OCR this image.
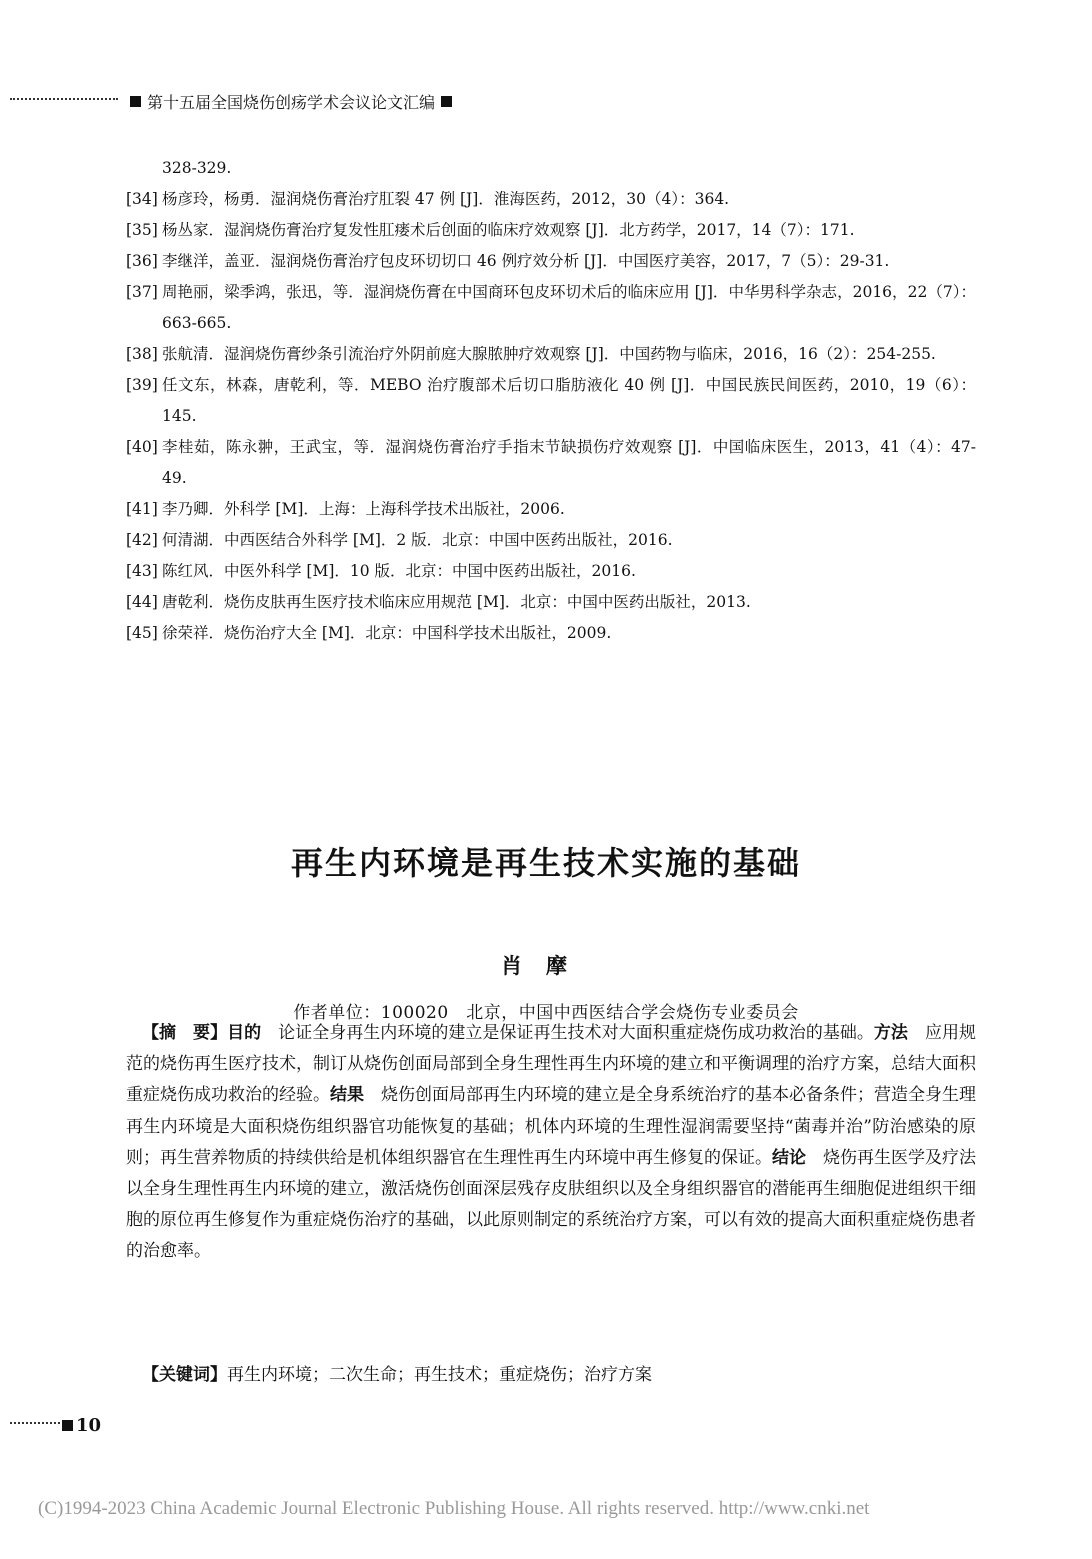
第十五届全国烧伤创疡学术会议论文汇编
328-329.
[34] 杨彦玲，杨勇．湿润烧伤膏治疗肛裂 47 例 [J]．淮海医药，2012，30（4）：364.
[35] 杨丛家．湿润烧伤膏治疗复发性肛瘘术后创面的临床疗效观察 [J]．北方药学，2017，14（7）：171.
[36] 李继洋，盖亚．湿润烧伤膏治疗包皮环切切口 46 例疗效分析 [J]．中国医疗美容，2017，7（5）：29-31.
[37] 周艳丽，梁季鸿，张迅，等．湿润烧伤膏在中国商环包皮环切术后的临床应用 [J]．中华男科学杂志，2016，22（7）：663-665.
[38] 张航清．湿润烧伤膏纱条引流治疗外阴前庭大腺脓肿疗效观察 [J]．中国药物与临床，2016，16（2）：254-255.
[39] 任文东，林森，唐乾利，等．MEBO 治疗腹部术后切口脂肪液化 40 例 [J]．中国民族民间医药，2010，19（6）：145.
[40] 李桂茹，陈永翀，王武宝，等．湿润烧伤膏治疗手指末节缺损伤疗效观察 [J]．中国临床医生，2013，41（4）：47-49.
[41] 李乃卿．外科学 [M]．上海：上海科学技术出版社，2006.
[42] 何清湖．中西医结合外科学 [M]．2 版．北京：中国中医药出版社，2016.
[43] 陈红风．中医外科学 [M]．10 版．北京：中国中医药出版社，2016.
[44] 唐乾利．烧伤皮肤再生医疗技术临床应用规范 [M]．北京：中国中医药出版社，2013.
[45] 徐荣祥．烧伤治疗大全 [M]．北京：中国科学技术出版社，2009.
再生内环境是再生技术实施的基础
肖摩
作者单位：100020　北京，中国中西医结合学会烧伤专业委员会
【摘　要】目的　论证全身再生内环境的建立是保证再生技术对大面积重症烧伤成功救治的基础。方法　应用规范的烧伤再生医疗技术，制订从烧伤创面局部到全身生理性再生内环境的建立和平衡调理的治疗方案，总结大面积重症烧伤成功救治的经验。结果　烧伤创面局部再生内环境的建立是全身系统治疗的基本必备条件；营造全身生理再生内环境是大面积烧伤组织器官功能恢复的基础；机体内环境的生理性湿润需要坚持“菌毒并治”防治感染的原则；再生营养物质的持续供给是机体组织器官在生理性再生内环境中再生修复的保证。结论　烧伤再生医学及疗法以全身生理性再生内环境的建立，激活烧伤创面深层残存皮肤组织以及全身组织器官的潜能再生细胞促进组织干细胞的原位再生修复作为重症烧伤治疗的基础，以此原则制定的系统治疗方案，可以有效的提高大面积重症烧伤患者的治愈率。
【关键词】再生内环境；二次生命；再生技术；重症烧伤；治疗方案
10
(C)1994-2023 China Academic Journal Electronic Publishing House. All rights reserved. http://www.cnki.net
